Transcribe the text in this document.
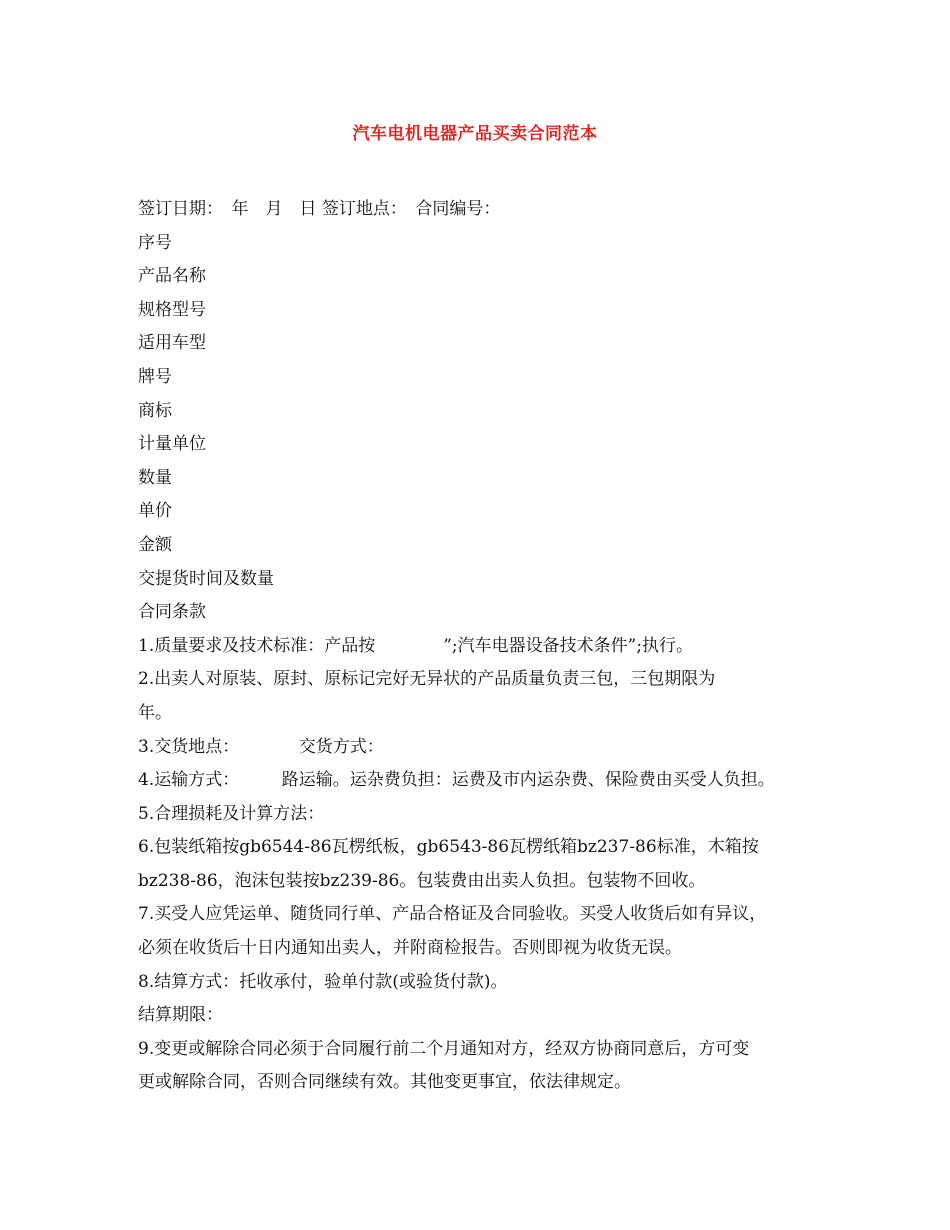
汽车电机电器产品买卖合同范本
签订日期：　年　月　日 签订地点：　合同编号：
序号
产品名称
规格型号
适用车型
牌号
商标
计量单位
数量
单价
金额
交提货时间及数量
合同条款
1.质量要求及技术标准：产品按　　　　”;汽车电器设备技术条件”;执行。
2.出卖人对原装、原封、原标记完好无异状的产品质量负责三包，三包期限为
年。
3.交货地点：　　　　交货方式：
4.运输方式：　　　路运输。运杂费负担：运费及市内运杂费、保险费由买受人负担。
5.合理损耗及计算方法：
6.包装纸箱按gb6544-86瓦楞纸板，gb6543-86瓦楞纸箱bz237-86标准，木箱按
bz238-86，泡沫包装按bz239-86。包装费由出卖人负担。包装物不回收。
7.买受人应凭运单、随货同行单、产品合格证及合同验收。买受人收货后如有异议，
必须在收货后十日内通知出卖人，并附商检报告。否则即视为收货无误。
8.结算方式：托收承付，验单付款(或验货付款)。
结算期限：
9.变更或解除合同必须于合同履行前二个月通知对方，经双方协商同意后，方可变
更或解除合同，否则合同继续有效。其他变更事宜，依法律规定。
